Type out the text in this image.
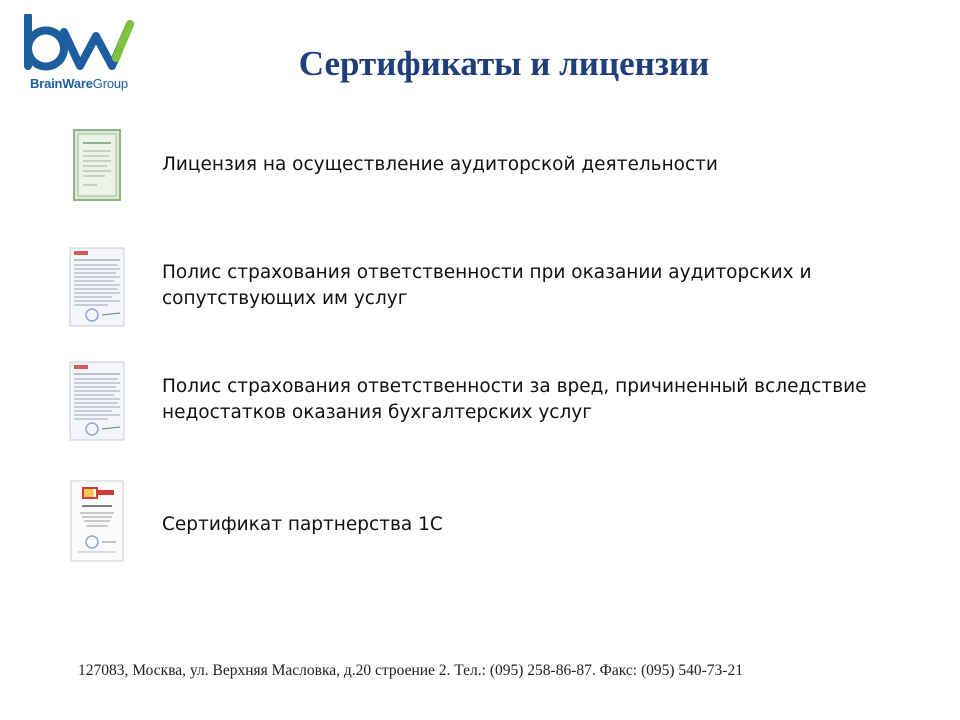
BrainWareGroup
Сертификаты и лицензии

Лицензия на осуществление аудиторской деятельности

Полис страхования ответственности при оказании аудиторских и сопутствующих им услуг

Полис страхования ответственности за вред, причиненный вследствие недостатков оказания бухгалтерских услуг

Сертификат партнерства 1С

127083, Москва, ул. Верхняя Масловка, д.20 строение 2. Тел.: (095) 258-86-87. Факс: (095) 540-73-21
